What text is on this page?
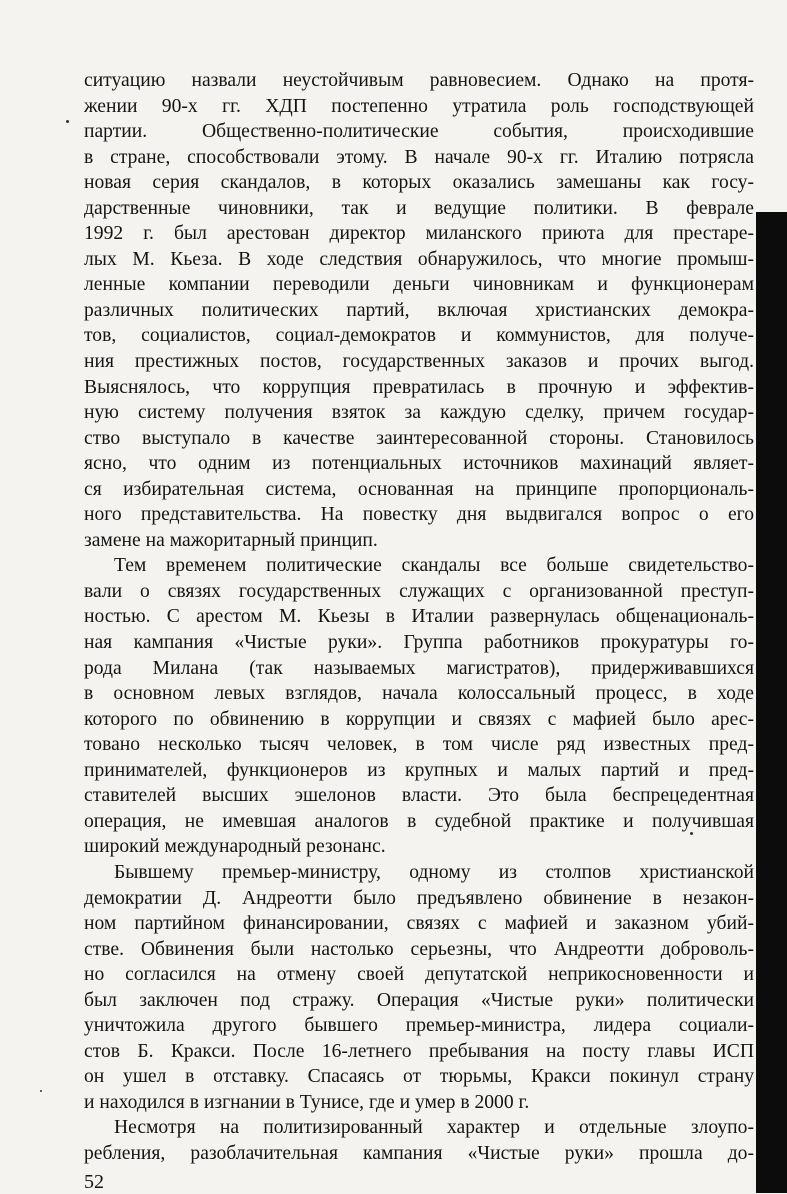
ситуацию назвали неустойчивым равновесием. Однако на протя-
жении 90-х гг. ХДП постепенно утратила роль господствующей
партии. Общественно-политические события, происходившие
в стране, способствовали этому. В начале 90-х гг. Италию потрясла
новая серия скандалов, в которых оказались замешаны как госу-
дарственные чиновники, так и ведущие политики. В феврале
1992 г. был арестован директор миланского приюта для престаре-
лых М. Кьеза. В ходе следствия обнаружилось, что многие промыш-
ленные компании переводили деньги чиновникам и функционерам
различных политических партий, включая христианских демокра-
тов, социалистов, социал-демократов и коммунистов, для получе-
ния престижных постов, государственных заказов и прочих выгод.
Выяснялось, что коррупция превратилась в прочную и эффектив-
ную систему получения взяток за каждую сделку, причем государ-
ство выступало в качестве заинтересованной стороны. Становилось
ясно, что одним из потенциальных источников махинаций являет-
ся избирательная система, основанная на принципе пропорциональ-
ного представительства. На повестку дня выдвигался вопрос о его
замене на мажоритарный принцип.
Тем временем политические скандалы все больше свидетельство-
вали о связях государственных служащих с организованной преступ-
ностью. С арестом М. Кьезы в Италии развернулась общенациональ-
ная кампания «Чистые руки». Группа работников прокуратуры го-
рода Милана (так называемых магистратов), придерживавшихся
в основном левых взглядов, начала колоссальный процесс, в ходе
которого по обвинению в коррупции и связях с мафией было арес-
товано несколько тысяч человек, в том числе ряд известных пред-
принимателей, функционеров из крупных и малых партий и пред-
ставителей высших эшелонов власти. Это была беспрецедентная
операция, не имевшая аналогов в судебной практике и получившая
широкий международный резонанс.
Бывшему премьер-министру, одному из столпов христианской
демократии Д. Андреотти было предъявлено обвинение в незакон-
ном партийном финансировании, связях с мафией и заказном убий-
стве. Обвинения были настолько серьезны, что Андреотти доброволь-
но согласился на отмену своей депутатской неприкосновенности и
был заключен под стражу. Операция «Чистые руки» политически
уничтожила другого бывшего премьер-министра, лидера социали-
стов Б. Кракси. После 16-летнего пребывания на посту главы ИСП
он ушел в отставку. Спасаясь от тюрьмы, Кракси покинул страну
и находился в изгнании в Тунисе, где и умер в 2000 г.
Несмотря на политизированный характер и отдельные злоупо-
ребления, разоблачительная кампания «Чистые руки» прошла до-
52
